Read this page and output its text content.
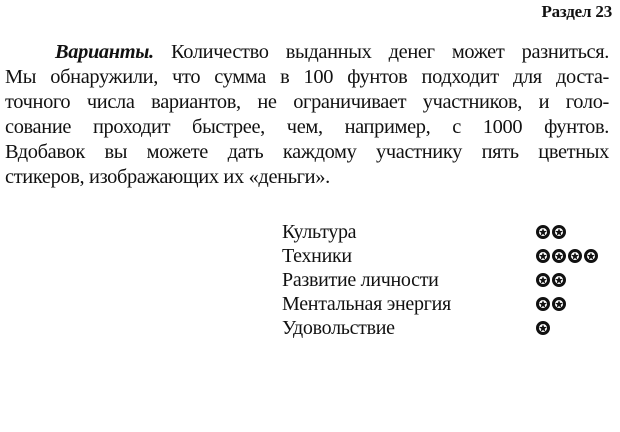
Раздел 23
Варианты. Количество выданных денег может разниться.
Мы обнаружили, что сумма в 100 фунтов подходит для доста-
точного числа вариантов, не ограничивает участников, и голо-
сование проходит быстрее, чем, например, с 1000 фунтов.
Вдобавок вы можете дать каждому участнику пять цветных
стикеров, изображающих их «деньги».
Культура
Техники
Развитие личности
Ментальная энергия
Удовольствие
